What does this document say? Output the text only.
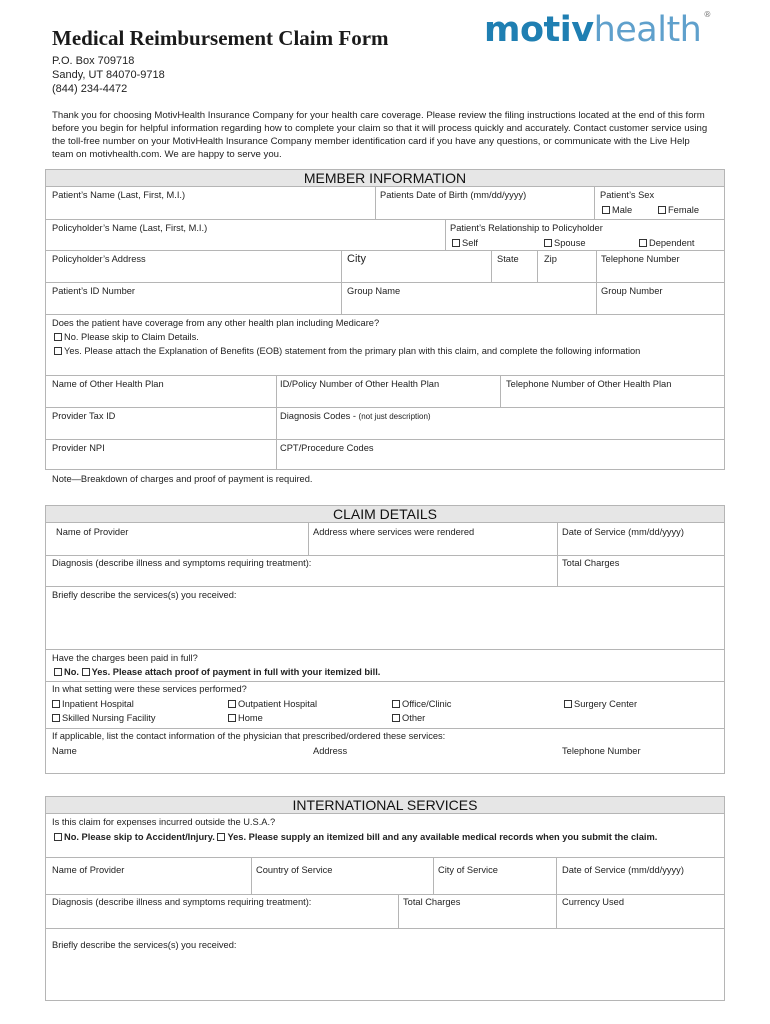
Medical Reimbursement Claim Form
P.O. Box 709718
Sandy, UT 84070-9718
(844) 234-4472
motivhealth ®
Thank you for choosing MotivHealth Insurance Company for your health care coverage. Please review the filing instructions located at the end of this form before you begin for helpful information regarding how to complete your claim so that it will process quickly and accurately. Contact customer service using the toll-free number on your MotivHealth Insurance Company member identification card if you have any questions, or communicate with the Live Help team on motivhealth.com. We are happy to serve you.
MEMBER INFORMATION
Patient’s Name (Last, First, M.I.)	Patients Date of Birth (mm/dd/yyyy)	Patient’s Sex
Male	Female
Policyholder’s Name (Last, First, M.I.)	Patient’s Relationship to Policyholder
Self	Spouse	Dependent
Policyholder’s Address	City	State	Zip	Telephone Number
Patient’s ID Number	Group Name	Group Number
Does the patient have coverage from any other health plan including Medicare?
No. Please skip to Claim Details.
Yes. Please attach the Explanation of Benefits (EOB) statement from the primary plan with this claim, and complete the following information
Name of Other Health Plan	ID/Policy Number of Other Health Plan	Telephone Number of Other Health Plan
Provider Tax ID	Diagnosis Codes - (not just description)
Provider NPI	CPT/Procedure Codes
Note—Breakdown of charges and proof of payment is required.
CLAIM DETAILS
Name of Provider	Address where services were rendered	Date of Service (mm/dd/yyyy)
Diagnosis (describe illness and symptoms requiring treatment):	Total Charges
Briefly describe the services(s) you received:
Have the charges been paid in full?
No. Yes. Please attach proof of payment in full with your itemized bill.
In what setting were these services performed?
Inpatient Hospital	Outpatient Hospital	Office/Clinic	Surgery Center
Skilled Nursing Facility	Home	Other
If applicable, list the contact information of the physician that prescribed/ordered these services:
Name	Address	Telephone Number
INTERNATIONAL SERVICES
Is this claim for expenses incurred outside the U.S.A.?
No. Please skip to Accident/Injury. Yes. Please supply an itemized bill and any available medical records when you submit the claim.
Name of Provider	Country of Service	City of Service	Date of Service (mm/dd/yyyy)
Diagnosis (describe illness and symptoms requiring treatment):	Total Charges	Currency Used
Briefly describe the services(s) you received:
